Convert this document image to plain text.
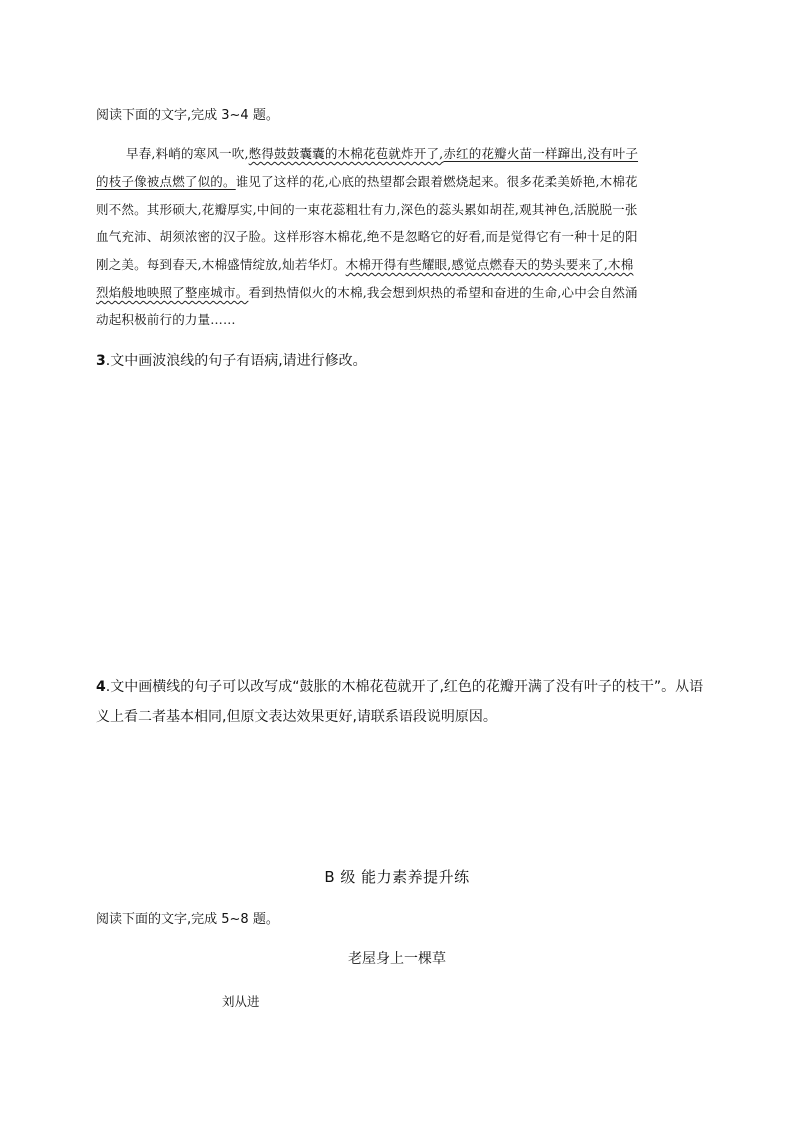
阅读下面的文字,完成 3~4 题。
早春,料峭的寒风一吹,憋得鼓鼓囊囊的木棉花苞就炸开了,赤红的花瓣火苗一样蹿出,没有叶子
的枝子像被点燃了似的。谁见了这样的花,心底的热望都会跟着燃烧起来。很多花柔美娇艳,木棉花
则不然。其形硕大,花瓣厚实,中间的一束花蕊粗壮有力,深色的蕊头累如胡茬,观其神色,活脱脱一张
血气充沛、胡须浓密的汉子脸。这样形容木棉花,绝不是忽略它的好看,而是觉得它有一种十足的阳
刚之美。每到春天,木棉盛情绽放,灿若华灯。木棉开得有些耀眼,感觉点燃春天的势头要来了,木棉
烈焰般地映照了整座城市。看到热情似火的木棉,我会想到炽热的希望和奋进的生命,心中会自然涌
动起积极前行的力量……
3.文中画波浪线的句子有语病,请进行修改。
4.文中画横线的句子可以改写成“鼓胀的木棉花苞就开了,红色的花瓣开满了没有叶子的枝干”。从语
义上看二者基本相同,但原文表达效果更好,请联系语段说明原因。
B 级 能力素养提升练
阅读下面的文字,完成 5~8 题。
老屋身上一棵草
刘从进
